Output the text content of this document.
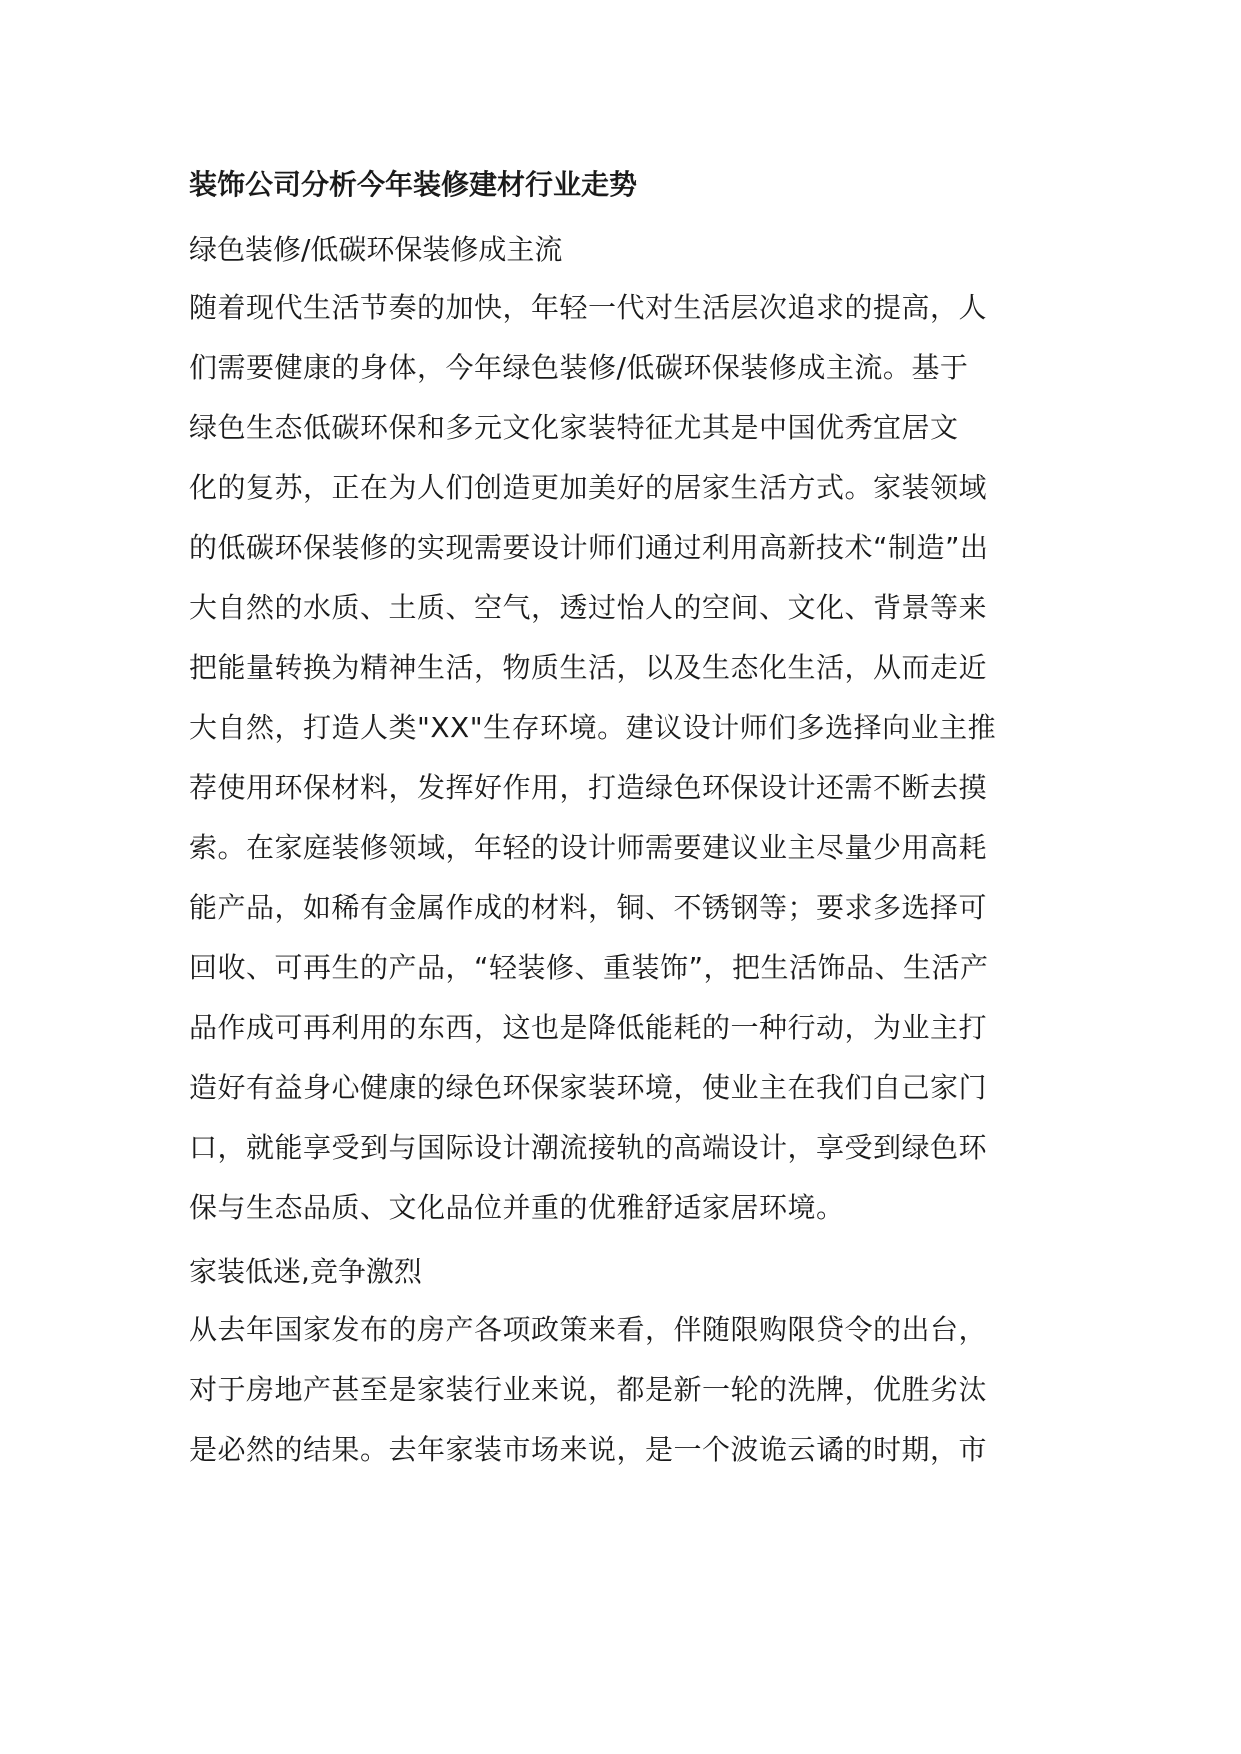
装饰公司分析今年装修建材行业走势
绿色装修/低碳环保装修成主流

随着现代生活节奏的加快，年轻一代对生活层次追求的提高，人
们需要健康的身体，今年绿色装修/低碳环保装修成主流。基于
绿色生态低碳环保和多元文化家装特征尤其是中国优秀宜居文
化的复苏，正在为人们创造更加美好的居家生活方式。家装领域
的低碳环保装修的实现需要设计师们通过利用高新技术“制造”出
大自然的水质、土质、空气，透过怡人的空间、文化、背景等来
把能量转换为精神生活，物质生活，以及生态化生活，从而走近
大自然，打造人类"XX"生存环境。建议设计师们多选择向业主推
荐使用环保材料，发挥好作用，打造绿色环保设计还需不断去摸
索。在家庭装修领域，年轻的设计师需要建议业主尽量少用高耗
能产品，如稀有金属作成的材料，铜、不锈钢等；要求多选择可
回收、可再生的产品，“轻装修、重装饰”，把生活饰品、生活产
品作成可再利用的东西，这也是降低能耗的一种行动，为业主打
造好有益身心健康的绿色环保家装环境，使业主在我们自己家门
口，就能享受到与国际设计潮流接轨的高端设计，享受到绿色环
保与生态品质、文化品位并重的优雅舒适家居环境。

家装低迷,竞争激烈

从去年国家发布的房产各项政策来看，伴随限购限贷令的出台，
对于房地产甚至是家装行业来说，都是新一轮的洗牌，优胜劣汰
是必然的结果。去年家装市场来说，是一个波诡云谲的时期，市
